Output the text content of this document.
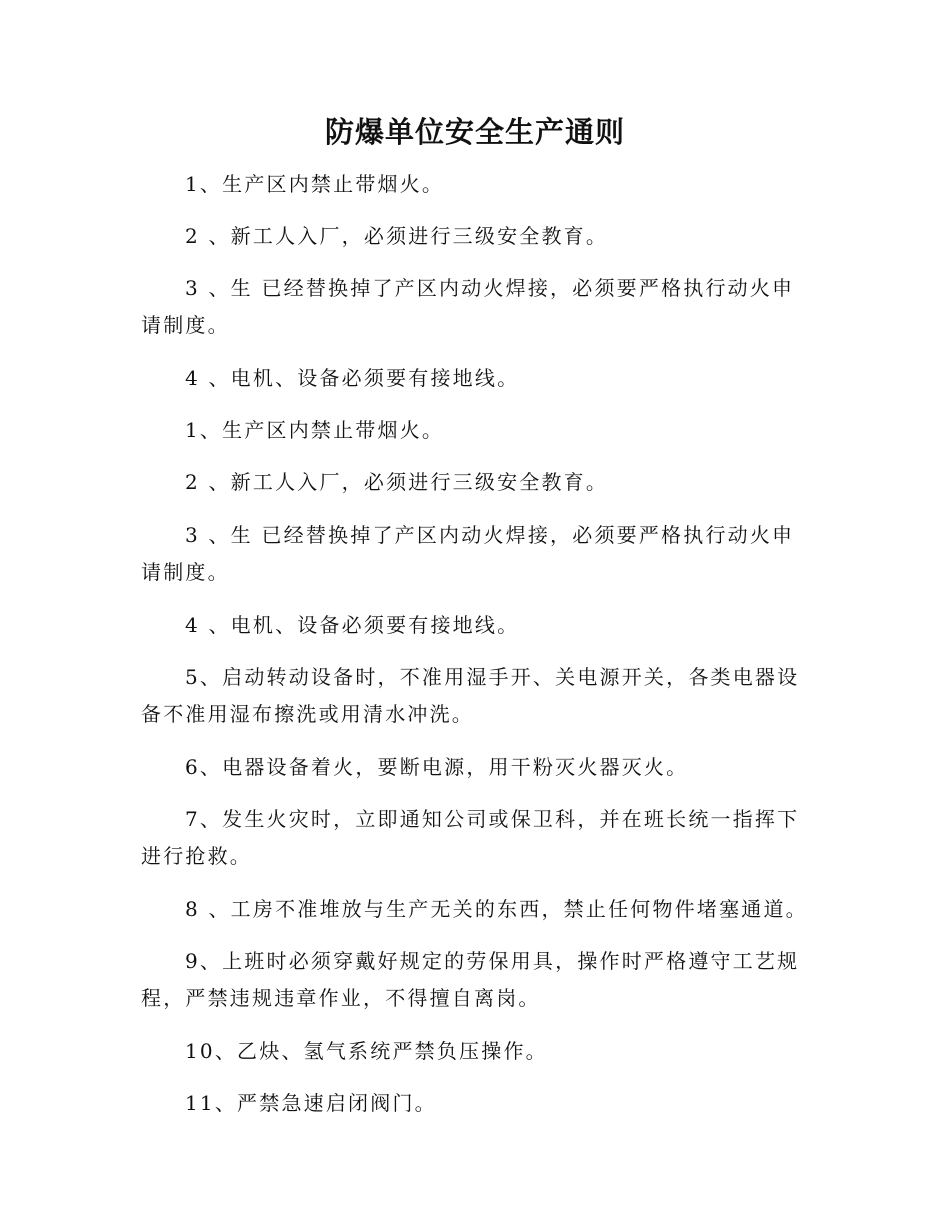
防爆单位安全生产通则

1、生产区内禁止带烟火。

2 、新工人入厂，必须进行三级安全教育。

3 、生 已经替换掉了产区内动火焊接，必须要严格执行动火申请制度。

4 、电机、设备必须要有接地线。

1、生产区内禁止带烟火。

2 、新工人入厂，必须进行三级安全教育。

3 、生 已经替换掉了产区内动火焊接，必须要严格执行动火申请制度。

4 、电机、设备必须要有接地线。

5、启动转动设备时，不准用湿手开、关电源开关，各类电器设备不准用湿布擦洗或用清水冲洗。

6、电器设备着火，要断电源，用干粉灭火器灭火。

7、发生火灾时，立即通知公司或保卫科，并在班长统一指挥下进行抢救。

8 、工房不准堆放与生产无关的东西，禁止任何物件堵塞通道。

9、上班时必须穿戴好规定的劳保用具，操作时严格遵守工艺规程，严禁违规违章作业，不得擅自离岗。

10、乙炔、氢气系统严禁负压操作。

11、严禁急速启闭阀门。
